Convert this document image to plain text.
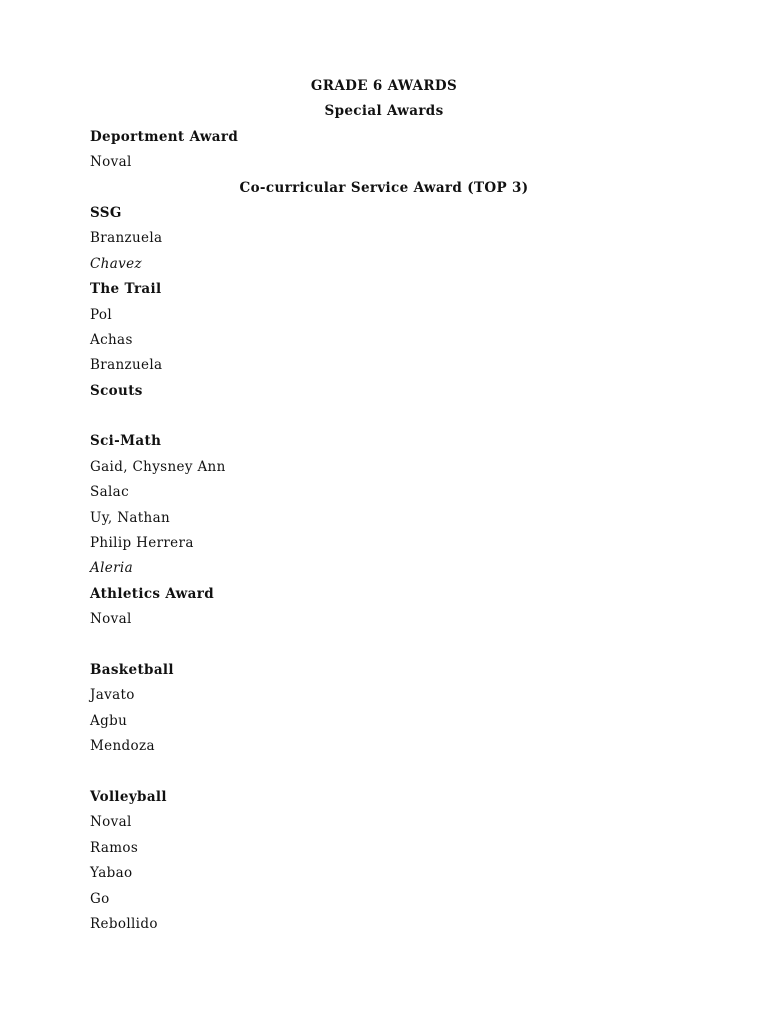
GRADE 6 AWARDS
Special Awards
Deportment Award
Noval
Co-curricular Service Award (TOP 3)
SSG
Branzuela
Chavez
The Trail
Pol
Achas
Branzuela
Scouts
Sci-Math
Gaid, Chysney Ann
Salac
Uy, Nathan
Philip Herrera
Aleria
Athletics Award
Noval
Basketball
Javato
Agbu
Mendoza
Volleyball
Noval
Ramos
Yabao
Go
Rebollido
